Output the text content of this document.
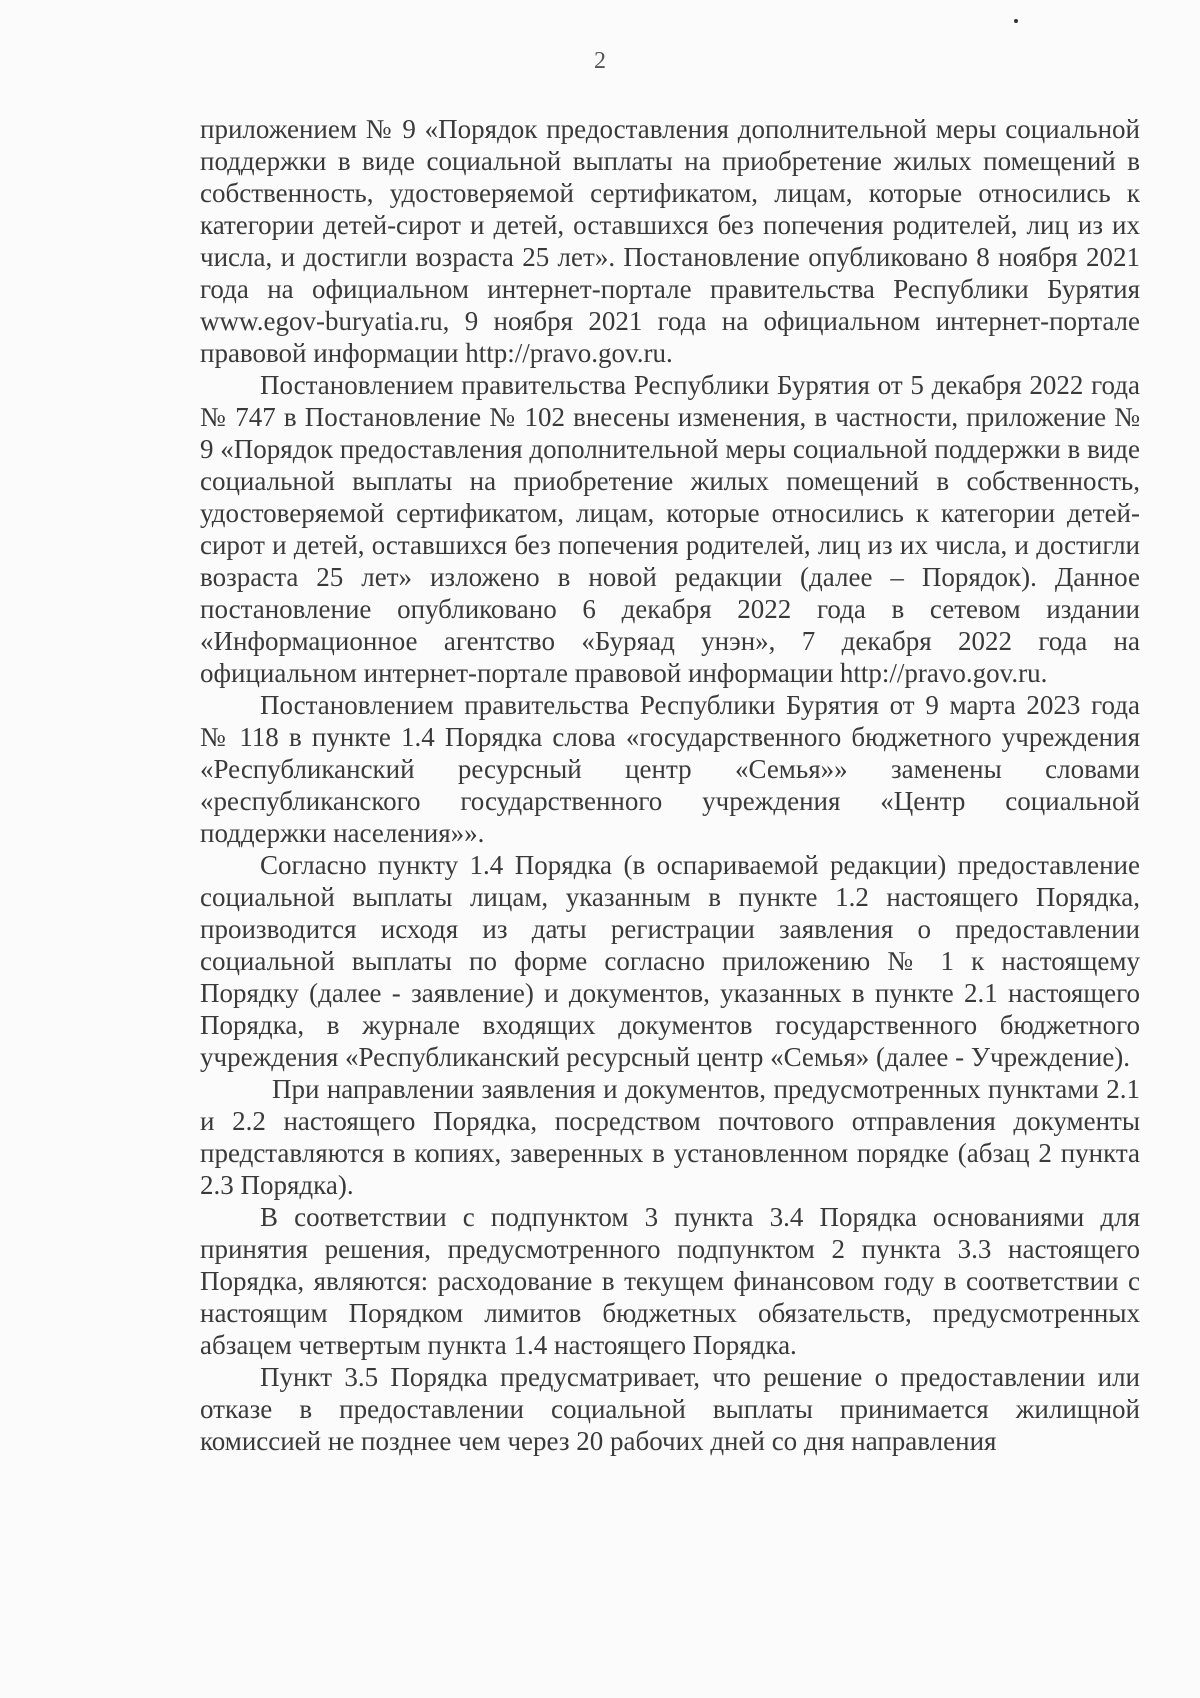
2

приложением № 9 «Порядок предоставления дополнительной меры социальной поддержки в виде социальной выплаты на приобретение жилых помещений в собственность, удостоверяемой сертификатом, лицам, которые относились к категории детей-сирот и детей, оставшихся без попечения родителей, лиц из их числа, и достигли возраста 25 лет». Постановление опубликовано 8 ноября 2021 года на официальном интернет-портале правительства Республики Бурятия www.egov-buryatia.ru, 9 ноября 2021 года на официальном интернет-портале правовой информации http://pravo.gov.ru.

Постановлением правительства Республики Бурятия от 5 декабря 2022 года № 747 в Постановление № 102 внесены изменения, в частности, приложение № 9 «Порядок предоставления дополнительной меры социальной поддержки в виде социальной выплаты на приобретение жилых помещений в собственность, удостоверяемой сертификатом, лицам, которые относились к категории детей-сирот и детей, оставшихся без попечения родителей, лиц из их числа, и достигли возраста 25 лет» изложено в новой редакции (далее – Порядок). Данное постановление опубликовано 6 декабря 2022 года в сетевом издании «Информационное агентство «Буряад унэн», 7 декабря 2022 года на официальном интернет-портале правовой информации http://pravo.gov.ru.

Постановлением правительства Республики Бурятия от 9 марта 2023 года № 118 в пункте 1.4 Порядка слова «государственного бюджетного учреждения «Республиканский ресурсный центр «Семья»» заменены словами «республиканского государственного учреждения «Центр социальной поддержки населения»».

Согласно пункту 1.4 Порядка (в оспариваемой редакции) предоставление социальной выплаты лицам, указанным в пункте 1.2 настоящего Порядка, производится исходя из даты регистрации заявления о предоставлении социальной выплаты по форме согласно приложению № 1 к настоящему Порядку (далее - заявление) и документов, указанных в пункте 2.1 настоящего Порядка, в журнале входящих документов государственного бюджетного учреждения «Республиканский ресурсный центр «Семья» (далее - Учреждение).

При направлении заявления и документов, предусмотренных пунктами 2.1 и 2.2 настоящего Порядка, посредством почтового отправления документы представляются в копиях, заверенных в установленном порядке (абзац 2 пункта 2.3 Порядка).

В соответствии с подпунктом 3 пункта 3.4 Порядка основаниями для принятия решения, предусмотренного подпунктом 2 пункта 3.3 настоящего Порядка, являются: расходование в текущем финансовом году в соответствии с настоящим Порядком лимитов бюджетных обязательств, предусмотренных абзацем четвертым пункта 1.4 настоящего Порядка.

Пункт 3.5 Порядка предусматривает, что решение о предоставлении или отказе в предоставлении социальной выплаты принимается жилищной комиссией не позднее чем через 20 рабочих дней со дня направления
